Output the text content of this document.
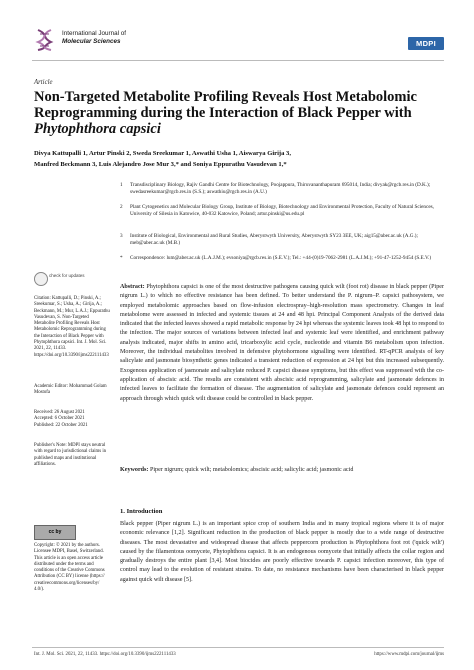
International Journal of
Molecular Sciences	MDPI
Article
Non-Targeted Metabolite Profiling Reveals Host Metabolomic Reprogramming during the Interaction of Black Pepper with Phytophthora capsici
Divya Kattupalli 1, Artur Pinski 2, Sweda Sreekumar 1, Aswathi Usha 1, Aiswarya Girija 3,
Manfred Beckmann 3, Luis Alejandro Jose Mur 3,* and Soniya Eppurathu Vasudevan 1,*
1 Transdisciplinary Biology, Rajiv Gandhi Centre for Biotechnology, Poojappura, Thiruvananthapuram 695014, India; divyak@rgcb.res.in (D.K.); swedasreekumar@rgcb.res.in (S.S.); aswathiu@rgcb.res.in (A.U.)
2 Plant Cytogenetics and Molecular Biology Group, Institute of Biology, Biotechnology and Environmental Protection, Faculty of Natural Sciences, University of Silesia in Katowice, 40-032 Katowice, Poland; artur.pinski@us.edu.pl
3 Institute of Biological, Environmental and Rural Studies, Aberystwyth University, Aberystwyth SY23 3EE, UK; aig15@aber.ac.uk (A.G.); meb@aber.ac.uk (M.B.)
* Correspondence: lum@aber.ac.uk (L.A.J.M.); evsoniya@rgcb.res.in (S.E.V.); Tel.: +44-(0)19-7062-2981 (L.A.J.M.); +91-47-1252-9454 (S.E.V.)
check for updates
Citation: Kattupalli, D.; Pinski, A.; Sreekumar, S.; Usha, A.; Girija, A.; Beckmann, M.; Mur, L.A.J.; Eppurathu Vasudevan, S. Non-Targeted Metabolite Profiling Reveals Host Metabolomic Reprogramming during the Interaction of Black Pepper with Phytophthora capsici. Int. J. Mol. Sci. 2021, 22, 11433. https://doi.org/10.3390/ijms222111433
Academic Editor: Mohammad Golam Mostofa
Received: 26 August 2021
Accepted: 6 October 2021
Published: 22 October 2021
Publisher's Note: MDPI stays neutral with regard to jurisdictional claims in published maps and institutional affiliations.
cc by
Copyright: © 2021 by the authors. Licensee MDPI, Basel, Switzerland. This article is an open access article distributed under the terms and conditions of the Creative Commons Attribution (CC BY) license (https:// creativecommons.org/licenses/by/ 4.0/).
Abstract: Phytophthora capsici is one of the most destructive pathogens causing quick wilt (foot rot) disease in black pepper (Piper nigrum L.) to which no effective resistance has been defined. To better understand the P. nigrum–P. capsici pathosystem, we employed metabolomic approaches based on flow-infusion electrospray–high-resolution mass spectrometry. Changes in leaf metabolome were assessed in infected and systemic tissues at 24 and 48 hpi. Principal Component Analysis of the derived data indicated that the infected leaves showed a rapid metabolic response by 24 hpi whereas the systemic leaves took 48 hpi to respond to the infection. The major sources of variations between infected leaf and systemic leaf were identified, and enrichment pathway analysis indicated, major shifts in amino acid, tricarboxylic acid cycle, nucleotide and vitamin B6 metabolism upon infection. Moreover, the individual metabolites involved in defensive phytohormone signalling were identified. RT-qPCR analysis of key salicylate and jasmonate biosynthetic genes indicated a transient reduction of expression at 24 hpi but this increased subsequently. Exogenous application of jasmonate and salicylate reduced P. capsici disease symptoms, but this effect was suppressed with the co-application of abscisic acid. The results are consistent with abscisic acid reprogramming, salicylate and jasmonate defences in infected leaves to facilitate the formation of disease. The augmentation of salicylate and jasmonate defences could represent an approach through which quick wilt disease could be controlled in black pepper.
Keywords: Piper nigrum; quick wilt; metabolomics; abscisic acid; salicylic acid; jasmonic acid
1. Introduction
Black pepper (Piper nigrum L.) is an important spice crop of southern India and in many tropical regions where it is of major economic relevance [1,2]. Significant reduction in the production of black pepper is mostly due to a wide range of destructive diseases. The most devastative and widespread disease that affects peppercorn production is Phytophthora foot rot ('quick wilt') caused by the filamentous oomycete, Phytophthora capsici. It is an endogenous oomycete that initially affects the collar region and gradually destroys the entire plant [3,4]. Most biocides are poorly effective towards P. capsici infection moreover, this type of control may lead to the evolution of resistant strains. To date, no resistance mechanisms have been characterised in black pepper against quick wilt disease [5].
Int. J. Mol. Sci. 2021, 22, 11433. https://doi.org/10.3390/ijms222111433	https://www.mdpi.com/journal/ijms
